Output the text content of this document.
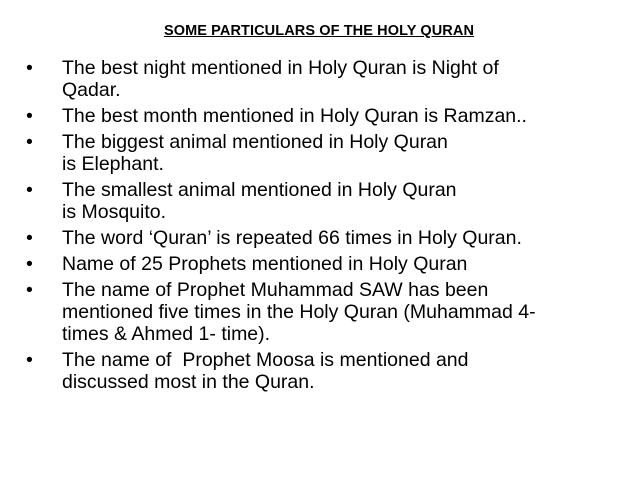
SOME PARTICULARS OF THE HOLY QURAN
•	The best night mentioned in Holy Quran is Night of
Qadar.
•	The best month mentioned in Holy Quran is Ramzan..
•	The biggest animal mentioned in Holy Quran
is Elephant.
•	The smallest animal mentioned in Holy Quran
is Mosquito.
•	The word ‘Quran’ is repeated 66 times in Holy Quran.
•	Name of 25 Prophets mentioned in Holy Quran
•	The name of Prophet Muhammad SAW has been
mentioned five times in the Holy Quran (Muhammad 4-
times & Ahmed 1- time).
•	The name of  Prophet Moosa is mentioned and
discussed most in the Quran.
